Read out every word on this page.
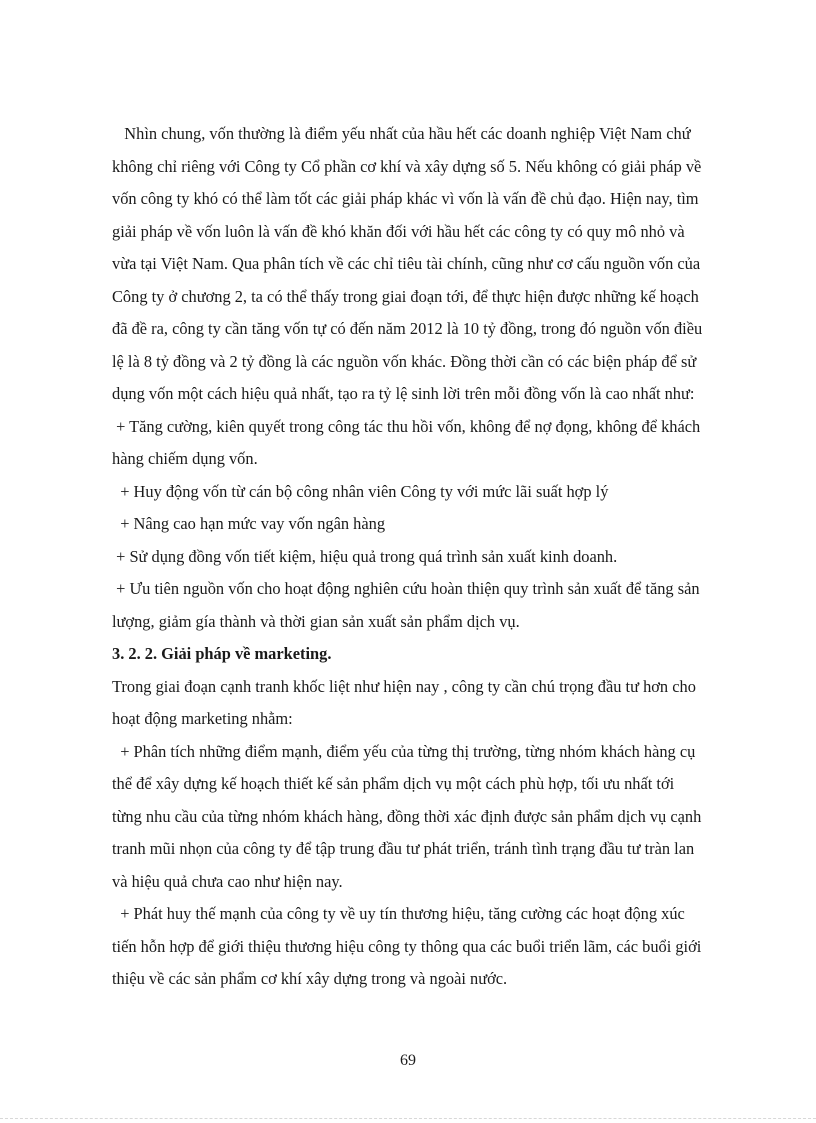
Nhìn chung, vốn thường là điểm yếu nhất của hầu hết các doanh nghiệp Việt Nam chứ
không chỉ riêng với Công ty Cổ phần cơ khí và xây dựng số 5. Nếu không có giải pháp về
vốn công ty khó có thể làm tốt các giải pháp khác vì vốn là vấn đề chủ đạo. Hiện nay, tìm
giải pháp về vốn luôn là vấn đề khó khăn đối với hầu hết các công ty có quy mô nhỏ và
vừa tại Việt Nam. Qua phân tích về các chỉ tiêu tài chính, cũng như cơ cấu nguồn vốn của
Công ty ở chương 2, ta có thể thấy trong giai đoạn tới, để thực hiện được những kế hoạch
đã đề ra, công ty cần tăng vốn tự có đến năm 2012 là 10 tỷ đồng, trong đó nguồn vốn điều
lệ là 8 tỷ đồng và 2 tỷ đồng là các nguồn vốn khác. Đồng thời cần có các biện pháp để sử
dụng vốn một cách hiệu quả nhất, tạo ra tỷ lệ sinh lời trên mỗi đồng vốn là cao nhất như:
+ Tăng cường, kiên quyết trong công tác thu hồi vốn, không để nợ đọng, không để khách
hàng chiếm dụng vốn.
+ Huy động vốn từ cán bộ công nhân viên Công ty với mức lãi suất hợp lý
+ Nâng cao hạn mức vay vốn ngân hàng
+ Sử dụng đồng vốn tiết kiệm, hiệu quả trong quá trình sản xuất kinh doanh.
+ Ưu tiên nguồn vốn cho hoạt động nghiên cứu hoàn thiện quy trình sản xuất để tăng sản
lượng, giảm gía thành và thời gian sản xuất sản phẩm dịch vụ.
3. 2. 2. Giải pháp về marketing.
Trong giai đoạn cạnh tranh khốc liệt như hiện nay , công ty cần chú trọng đầu tư hơn cho
hoạt động marketing nhằm:
+ Phân tích những điểm mạnh, điểm yếu của từng thị trường, từng nhóm khách hàng cụ
thể để xây dựng kế hoạch thiết kế sản phẩm dịch vụ một cách phù hợp, tối ưu nhất tới
từng nhu cầu của từng nhóm khách hàng, đồng thời xác định được sản phẩm dịch vụ cạnh
tranh mũi nhọn của công ty để tập trung đầu tư phát triển, tránh tình trạng đầu tư tràn lan
và hiệu quả chưa cao như hiện nay.
+ Phát huy thế mạnh của công ty về uy tín thương hiệu, tăng cường các hoạt động xúc
tiến hỗn hợp để giới thiệu thương hiệu công ty thông qua các buổi triển lãm, các buổi giới
thiệu về các sản phẩm cơ khí xây dựng trong và ngoài nước.
69
